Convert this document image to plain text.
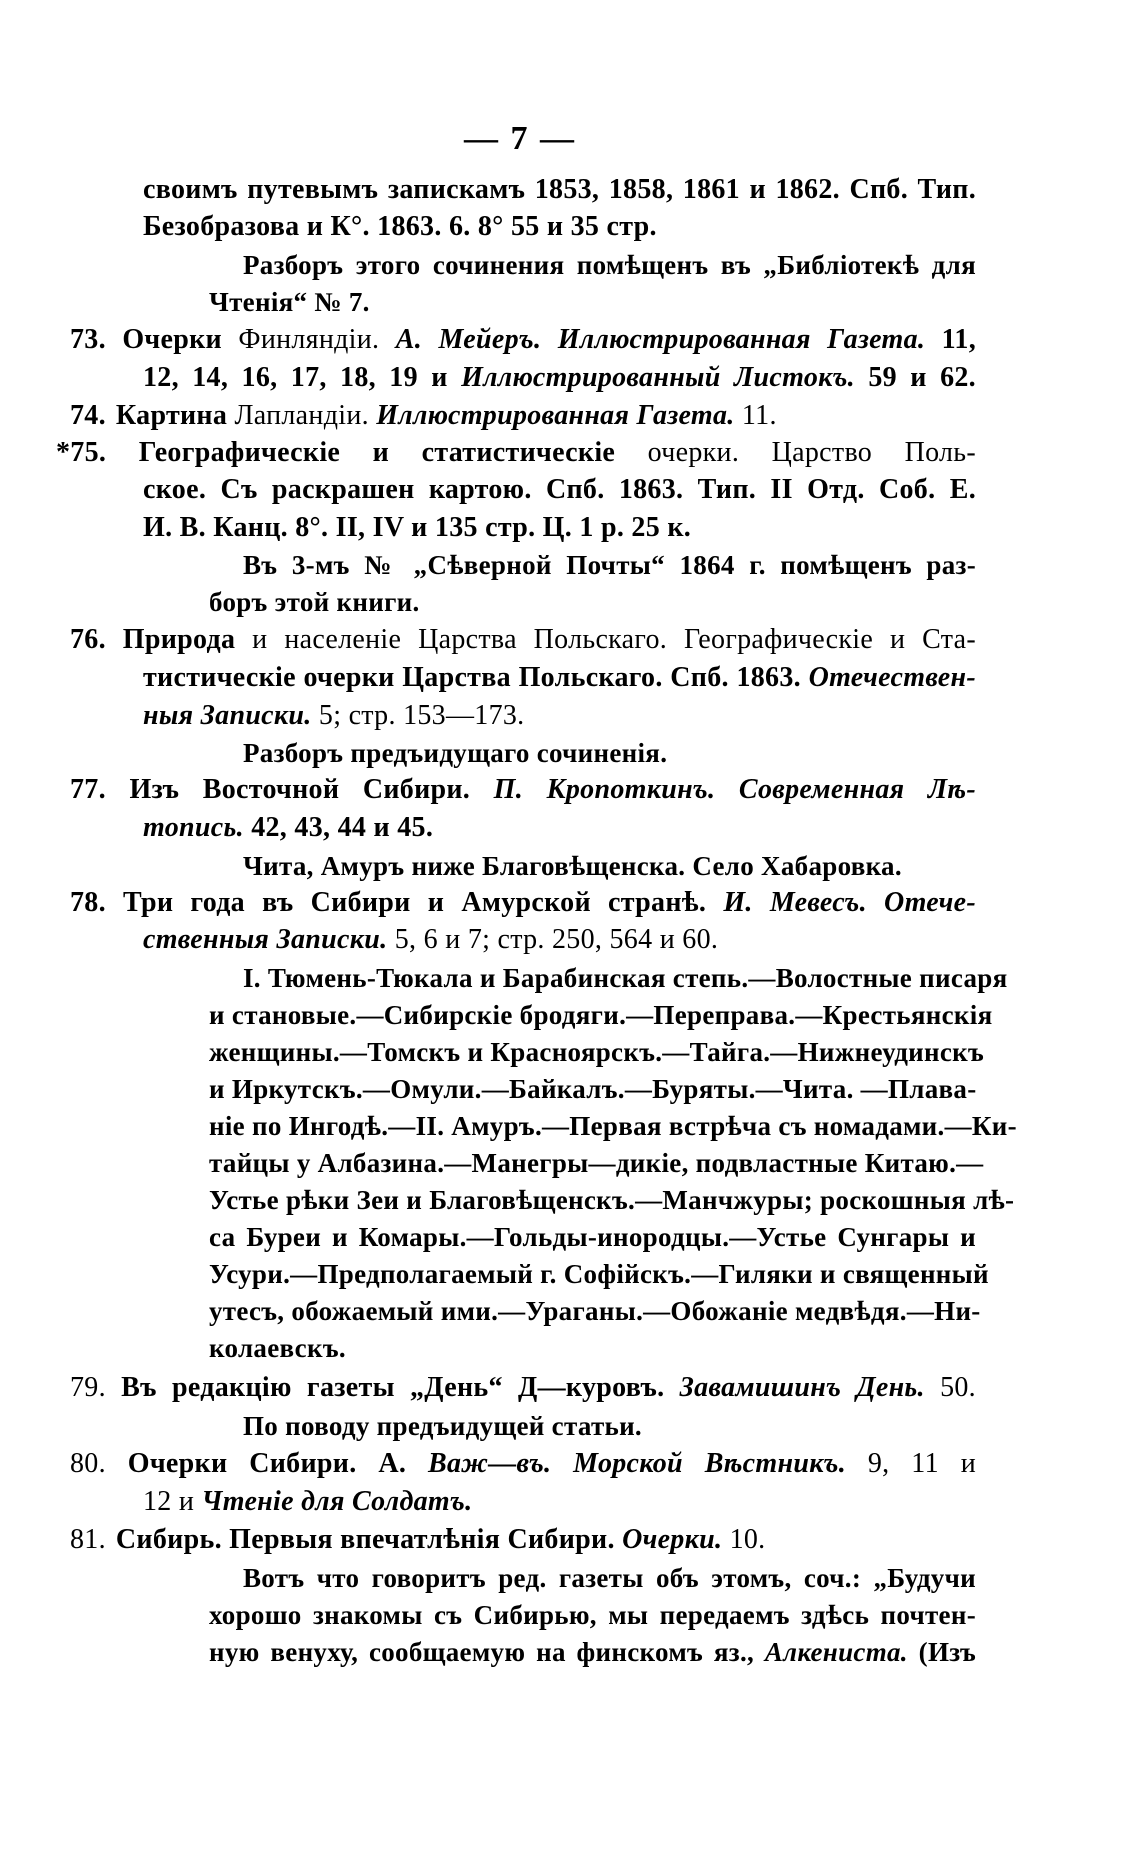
— 7 —
своимъ путевымъ запискамъ 1853, 1858, 1861 и 1862. Спб. Тип.
Безобразова и К°. 1863. 6. 8° 55 и 35 стр.
Разборъ этого сочинения помѣщенъ въ „Библіотекѣ для
Чтенія“ № 7.
73. Очерки Финляндіи. А. Мейеръ. Иллюстрированная Газета. 11,
12, 14, 16, 17, 18, 19 и Иллюстрированный Листокъ. 59 и 62.
74. Картина Лапландіи. Иллюстрированная Газета. 11.
*75. Географическіе и статистическіе очерки. Царство Поль-
ское. Съ раскрашен картою. Спб. 1863. Тип. II Отд. Соб. Е.
И. В. Канц. 8°. II, IV и 135 стр. Ц. 1 р. 25 к.
Въ 3-мъ № „Сѣверной Почты“ 1864 г. помѣщенъ раз-
боръ этой книги.
76. Природа и населеніе Царства Польскаго. Географическіе и Ста-
тистическіе очерки Царства Польскаго. Спб. 1863. Отечествен-
ныя Записки. 5; стр. 153—173.
Разборъ предъидущаго сочиненія.
77. Изъ Восточной Сибири. П. Кропоткинъ. Современная Лѣ-
топись. 42, 43, 44 и 45.
Чита, Амуръ ниже Благовѣщенска. Село Хабаровка.
78. Три года въ Сибири и Амурской странѣ. И. Мевесъ. Отече-
ственныя Записки. 5, 6 и 7; стр. 250, 564 и 60.
I. Тюмень-Тюкала и Барабинская степь.—Волостные писаря
и становые.—Сибирскіе бродяги.—Переправа.—Крестьянскія
женщины.—Томскъ и Красноярскъ.—Тайга.—Нижнеудинскъ
и Иркутскъ.—Омули.—Байкалъ.—Буряты.—Чита. —Плава-
ніе по Ингодѣ.—II. Амуръ.—Первая встрѣча съ номадами.—Ки-
тайцы у Албазина.—Манегры—дикіе, подвластные Китаю.—
Устье рѣки Зеи и Благовѣщенскъ.—Манчжуры; роскошныя лѣ-
са Буреи и Комары.—Гольды-инородцы.—Устье Сунгары и
Усури.—Предполагаемый г. Софійскъ.—Гиляки и священный
утесъ, обожаемый ими.—Ураганы.—Обожаніе медвѣдя.—Ни-
колаевскъ.
79. Въ редакцію газеты „День“ Д—куровъ. Завамишинъ День. 50.
По поводу предъидущей статьи.
80. Очерки Сибири. А. Важ—въ. Морской Вѣстникъ. 9, 11 и
12 и Чтеніе для Солдатъ.
81. Сибирь. Первыя впечатлѣнія Сибири. Очерки. 10.
Вотъ что говоритъ ред. газеты объ этомъ, соч.: „Будучи
хорошо знакомы съ Сибирью, мы передаемъ здѣсь почтен-
ную венуху, сообщаемую на финскомъ яз., Алкениста. (Изъ
